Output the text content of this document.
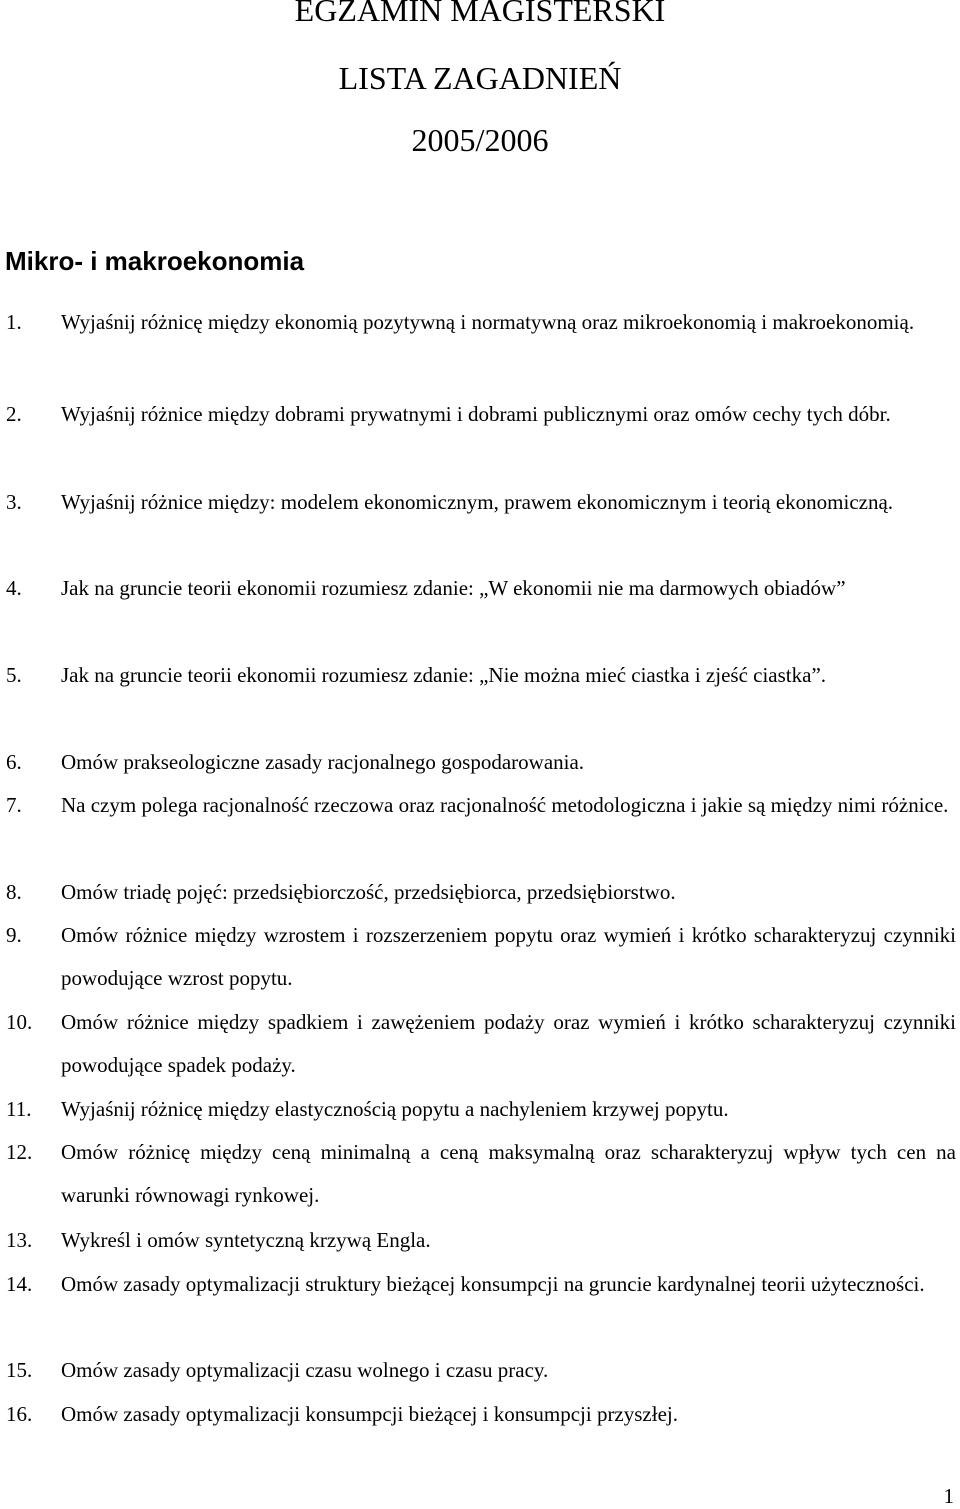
EGZAMIN MAGISTERSKI
LISTA ZAGADNIEŃ
2005/2006
Mikro- i makroekonomia
1. Wyjaśnij różnicę między ekonomią pozytywną i normatywną oraz mikroekonomią i makroekonomią.
2. Wyjaśnij różnice między dobrami prywatnymi i dobrami publicznymi oraz omów cechy tych dóbr.
3. Wyjaśnij różnice między: modelem ekonomicznym, prawem ekonomicznym i teorią ekonomiczną.
4. Jak na gruncie teorii ekonomii rozumiesz zdanie: „W ekonomii nie ma darmowych obiadów”
5. Jak na gruncie teorii ekonomii rozumiesz zdanie: „Nie można mieć ciastka i zjeść ciastka”.
6. Omów prakseologiczne zasady racjonalnego gospodarowania.
7. Na czym polega racjonalność rzeczowa oraz racjonalność metodologiczna i jakie są między nimi różnice.
8. Omów triadę pojęć: przedsiębiorczość, przedsiębiorca, przedsiębiorstwo.
9. Omów różnice między wzrostem i rozszerzeniem popytu oraz wymień i krótko scharakteryzuj czynniki powodujące wzrost popytu.
10. Omów różnice między spadkiem i zawężeniem podaży oraz wymień i krótko scharakteryzuj czynniki powodujące spadek podaży.
11. Wyjaśnij różnicę między elastycznością popytu a nachyleniem krzywej popytu.
12. Omów różnicę między ceną minimalną a ceną maksymalną oraz scharakteryzuj wpływ tych cen na warunki równowagi rynkowej.
13. Wykreśl i omów syntetyczną krzywą Engla.
14. Omów zasady optymalizacji struktury bieżącej konsumpcji na gruncie kardynalnej teorii użyteczności.
15. Omów zasady optymalizacji czasu wolnego i czasu pracy.
16. Omów zasady optymalizacji konsumpcji bieżącej i konsumpcji przyszłej.
1
